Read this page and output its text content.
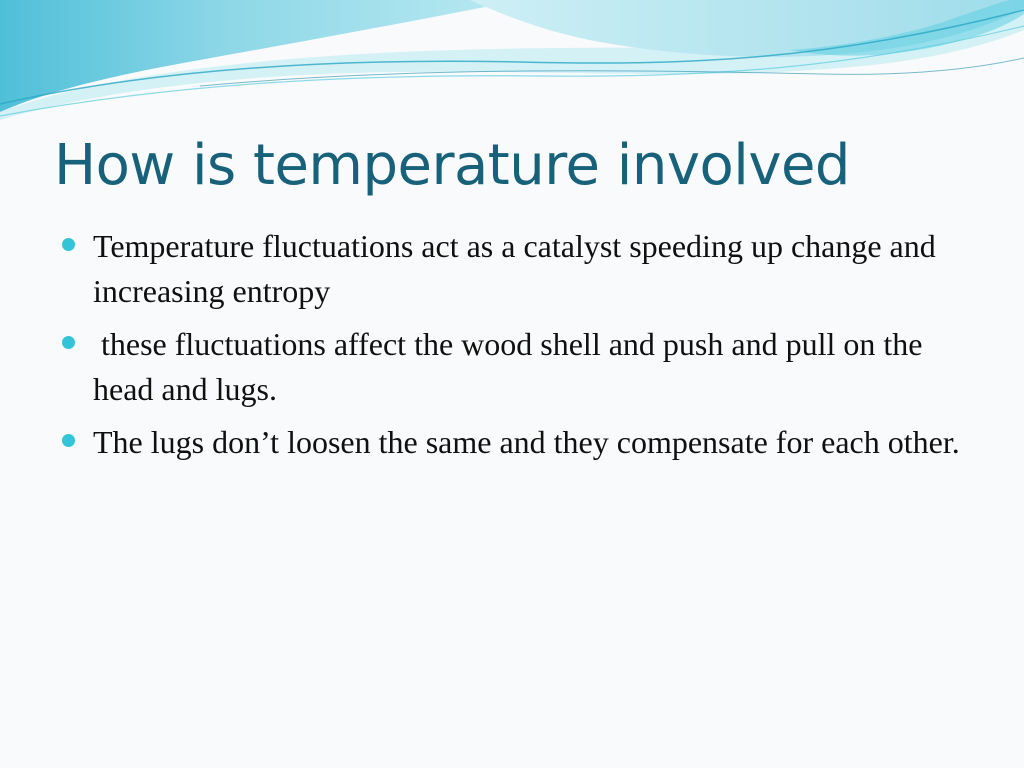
How is temperature involved
Temperature fluctuations act as a catalyst speeding up change and increasing entropy
these fluctuations affect the wood shell and push and pull on the head and lugs.
The lugs don’t loosen the same and they compensate for each other.
